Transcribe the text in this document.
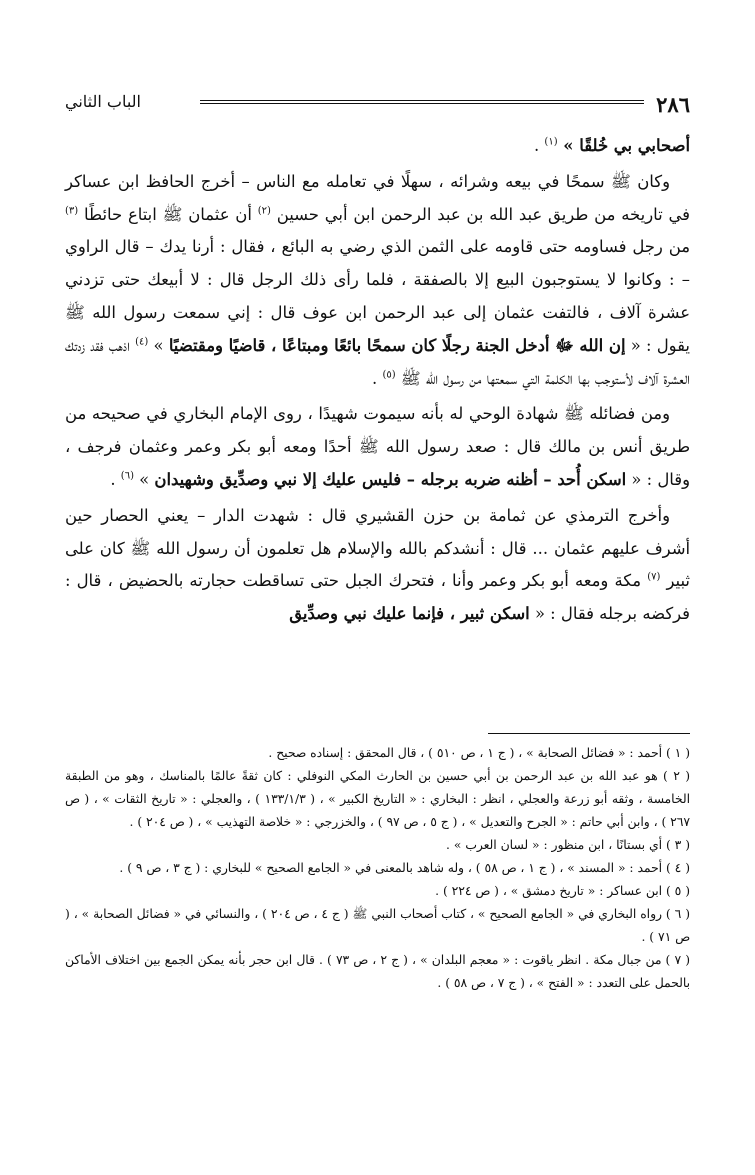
٢٨٦
الباب الثاني

أصحابي بي خُلقًا » $^{(١)}$ .

وكان ﷺ سمحًا في بيعه وشرائه ، سهلًا في تعامله مع الناس – أخرج الحافظ ابن عساكر في تاريخه من طريق عبد الله بن عبد الرحمن ابن أبي حسين $^{(٢)}$ أن عثمان ﷺ ابتاع حائطًا $^{(٣)}$ من رجل فساومه حتى قاومه على الثمن الذي رضي به البائع ، فقال : أرنا يدك – قال الراوي – : وكانوا لا يستوجبون البيع إلا بالصفقة ، فلما رأى ذلك الرجل قال : لا أبيعك حتى تزدني عشرة آلاف ، فالتفت عثمان إلى عبد الرحمن ابن عوف قال : إني سمعت رسول الله ﷺ يقول : « إن الله ﷻ أدخل الجنة رجلًا كان سمحًا بائعًا ومبتاعًا ، قاضيًا ومقتضيًا » $^{(٤)}$ اذهب فقد زدتك العشرة آلاف لأستوجب بها الكلمة التي سمعتها من رسول الله ﷺ $^{(٥)}$ .

ومن فضائله ﷺ شهادة الوحي له بأنه سيموت شهيدًا ، روى الإمام البخاري في صحيحه من طريق أنس بن مالك قال : صعد رسول الله ﷺ أحدًا ومعه أبو بكر وعمر وعثمان فرجف ، وقال : « اسكن أُحد – أظنه ضربه برجله – فليس عليك إلا نبي وصدِّيق وشهيدان » $^{(٦)}$ .

وأخرج الترمذي عن ثمامة بن حزن القشيري قال : شهدت الدار – يعني الحصار حين أشرف عليهم عثمان ... قال : أنشدكم بالله والإسلام هل تعلمون أن رسول الله ﷺ كان على ثبير $^{(٧)}$ مكة ومعه أبو بكر وعمر وأنا ، فتحرك الجبل حتى تساقطت حجارته بالحضيض ، قال : فركضه برجله فقال : « اسكن ثبير ، فإنما عليك نبي وصدِّيق

( ١ ) أحمد : « فضائل الصحابة » ، ( ج ١ ، ص ٥١٠ ) ، قال المحقق : إسناده صحيح .

( ٢ ) هو عبد الله بن عبد الرحمن بن أبي حسين بن الحارث المكي النوفلي : كان ثقةً عالمًا بالمناسك ، وهو من الطبقة الخامسة ، وثقه أبو زرعة والعجلي ، انظر : البخاري : « التاريخ الكبير » ، ( ١٣٣/١/٣ ) ، والعجلي : « تاريخ الثقات » ، ( ص ٢٦٧ ) ، وابن أبي حاتم : « الجرح والتعديل » ، ( ج ٥ ، ص ٩٧ ) ، والخزرجي : « خلاصة التهذيب » ، ( ص ٢٠٤ ) .

( ٣ ) أي بستانًا ، ابن منظور : « لسان العرب » .

( ٤ ) أحمد : « المسند » ، ( ج ١ ، ص ٥٨ ) ، وله شاهد بالمعنى في « الجامع الصحيح » للبخاري : ( ج ٣ ، ص ٩ ) .

( ٥ ) ابن عساكر : « تاريخ دمشق » ، ( ص ٢٢٤ ) .

( ٦ ) رواه البخاري في « الجامع الصحيح » ، كتاب أصحاب النبي ﷺ ( ج ٤ ، ص ٢٠٤ ) ، والنسائي في « فضائل الصحابة » ، ( ص ٧١ ) .

( ٧ ) من جبال مكة . انظر ياقوت : « معجم البلدان » ، ( ج ٢ ، ص ٧٣ ) . قال ابن حجر بأنه يمكن الجمع بين اختلاف الأماكن بالحمل على التعدد : « الفتح » ، ( ج ٧ ، ص ٥٨ ) .
